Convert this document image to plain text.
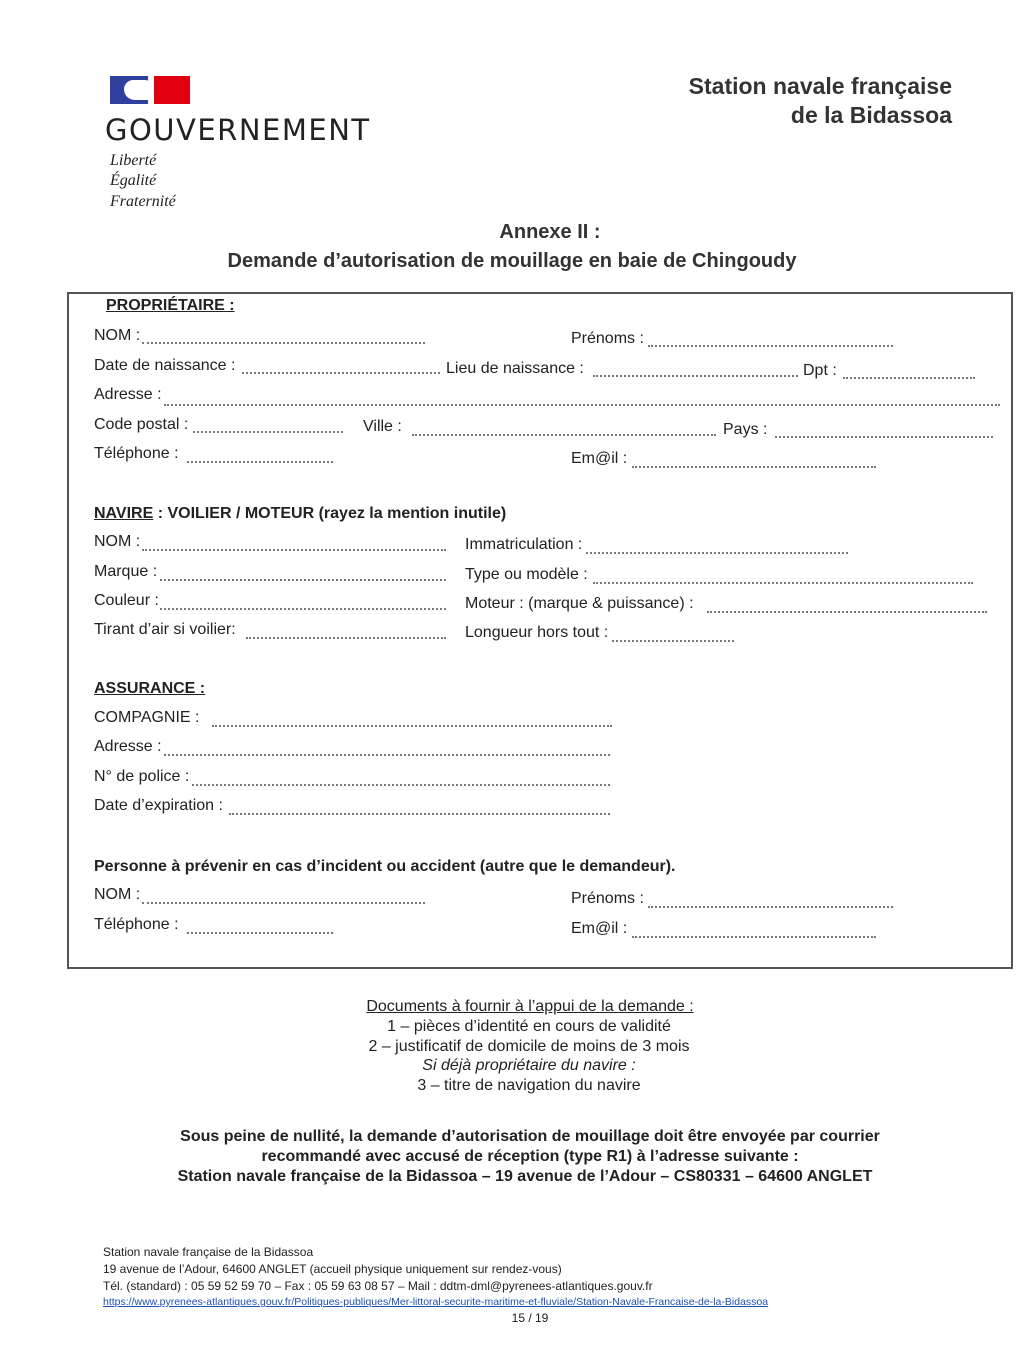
GOUVERNEMENT
Liberté
Égalité
Fraternité
Station navale française
de la Bidassoa
Annexe II :
Demande d’autorisation de mouillage en baie de Chingoudy
PROPRIÉTAIRE :
NOM :	Prénoms :
Date de naissance :	Lieu de naissance :	Dpt :
Adresse :
Code postal :	Ville :	Pays :
Téléphone :	Em@il :
NAVIRE : VOILIER / MOTEUR (rayez la mention inutile)
NOM :	Immatriculation :
Marque :	Type ou modèle :
Couleur :	Moteur : (marque & puissance) :
Tirant d’air si voilier:	Longueur hors tout :
ASSURANCE :
COMPAGNIE :
Adresse :
N° de police :
Date d’expiration :
Personne à prévenir en cas d’incident ou accident (autre que le demandeur).
NOM :	Prénoms :
Téléphone :	Em@il :
Documents à fournir à l’appui de la demande :
1 – pièces d’identité en cours de validité
2 – justificatif de domicile de moins de 3 mois
Si déjà propriétaire du navire :
3 – titre de navigation du navire
Sous peine de nullité, la demande d’autorisation de mouillage doit être envoyée par courrier
recommandé avec accusé de réception (type R1) à l’adresse suivante :
Station navale française de la Bidassoa – 19 avenue de l’Adour – CS80331 – 64600 ANGLET
Station navale française de la Bidassoa
19 avenue de l’Adour, 64600 ANGLET (accueil physique uniquement sur rendez-vous)
Tél. (standard) : 05 59 52 59 70 – Fax : 05 59 63 08 57 – Mail : ddtm-dml@pyrenees-atlantiques.gouv.fr
https://www.pyrenees-atlantiques.gouv.fr/Politiques-publiques/Mer-littoral-securite-maritime-et-fluviale/Station-Navale-Francaise-de-la-Bidassoa
15 / 19
